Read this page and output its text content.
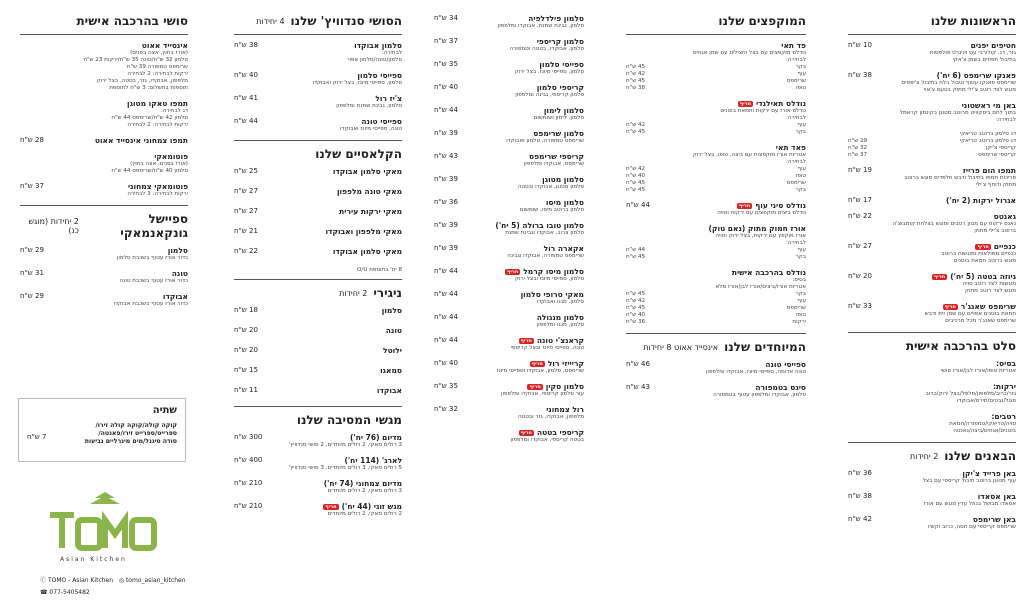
הראשונות שלנו
חטיפים יפנים
גזר, דג, קולורבי עם ויניגרט פולפסות
בתיבול תפוזים בשמן צ'אקי
10 ש"ח
פאנקו שרימפס (6 יח')
שרימפס פאנקו עטוף וטבול בלח בתיבול צ'יפסים
מוגש לצד רוטב צ'ילי מתוק בטעם צ'אוי
38 ש"ח
באן מי ראשטוני
בתוך לחם ביסקוויט מרוטב מטוגן בקינמון קראמל
לבחירה:
דג סלמון ברוטב טריאקי
דג סלמון ברוטב טריאקי
29 ש"ח
קריספי צ'יקן
32 ש"ח
קריספי שרימפס
37 ש"ח
תמפו הום פרייז
פריכות תמפו בתיבול ודבש חלפדים מוגש ברוטב
מתוק ודוחף צ'ילי
19 ש"ח
אגרול ירקות (2 יח')
17 ש"ח
גאנטס
נאנס ירקות עם מגוון רטבים ומוגש בצלחת קומבוצ'ה
ברוטב צ'ילי מתוק
22 ש"ח
כנפייםחריף
כנפיים ממולאות ומוגשות ברוטב
מוגש ברוטב חמאת בוטנים
27 ש"ח
גיוזה בטטה (5 יח')חריף
מוגשות לצד רוטב סויה
מוגש לצד רוטב מתוק
20 ש"ח
שרימפס שאנג'רחריף
חמאת בוטנים אפויים עם שמן זית ודבש
שרימפס שאנג'ר מכל מרכיבים
33 ש"ח
סלט בהרכבה אישית
בסיס:
אטריות טופו/אורז לבן/אורז סושי
ירקות:
גזר/כרוב/מלפפון/פלפל/בצל ירוק/כרוב סגול/נבטים/תירס/אבוקדו
רטבים:
סויה/טריאקי/טמפורה/חמאת בוטנים/אגוזים/ביצה/גאנטה
הבאנים שלנו
2 יחידות
באן פרייד צ'יקן
עוף מטוגן ברוטב תיבול קריספי עם בצל
36 ש"ח
באן אסאדו
אסאדו מבושל בנוזל עדין מוגש עם אורז
38 ש"ח
באן שרימפס
שרימפס קריספי עם חסה, כרוב וקשיו
42 ש"ח
המוקפצים שלנו
פד תאי
נודלס מוקפצים עם בצל וחצילים עם שמן אגוזים
לבחירה:
בקר
45 ש"ח
עוף
42 ש"ח
שרימפס
45 ש"ח
טופו
38 ש"ח
נודלס תאילנדיחריף
נודלס אורז עם ירקות וחמאת בוטנים
לבחירה:
עוף
42 ש"ח
בקר
45 ש"ח
פאד תאי
אטריות אורז מוקפצות עם ביצה, טופו, בצל ירוק
לבחירה:
עוף
42 ש"ח
טופו
40 ש"ח
שרימפס
45 ש"ח
בקר
45 ש"ח
נודלס סיני עוףחריף
נודלס ביצים מוקפצים עם ירקות וסויה
44 ש"ח
אורז חמוק מתוק (נאם טוק)
אורז מוקפץ עם ירקות, בצל ירוק וסויה
לבחירה:
עוף
44 ש"ח
בקר
45 ש"ח
נודלס בהרכבה אישית
בסיס:
אטריות אורז/ביצים/אורז לבן/אורז מלא
בקר
45 ש"ח
עוף
42 ש"ח
שרימפס
45 ש"ח
טופו
40 ש"ח
ירקות
36 ש"ח
המיוחדים שלנו
אינסייד אאוט 8 יחידות
ספייסי טונה
טונה אדומה, ספייסי מיונז, אבוקדו ומלפפון
46 ש"ח
סיגס בטמפורה
סלמון, אבוקדו ומלפפון עטוף בטמפורה
43 ש"ח
סלמון פילדלפיה
סלמון, גבינת שמנת, אבוקדו ומלפפון
34 ש"ח
סלמון קריספי
סלמון, אבוקדו, בטטה וטמפורה
37 ש"ח
ספייסי סלמון
סלמון, ספייסי מיונז, בצל ירוק
35 ש"ח
קריספי סלמון
סלמון קריספי, גבינה ומלפפון
40 ש"ח
סלמון לימון
סלמון, לימון ושומשום
44 ש"ח
סלמון שרימפס
שרימפס טמפורה, סלמון ואבוקדו
39 ש"ח
קריספי שרימפס
שרימפס, אבוקדו ומלפפון
43 ש"ח
סלמון מטוגן
סלמון מטוגן, אבוקדו ובטטה
39 ש"ח
סלמון מיסו
סלמון ברוטב מיסו, שומשום
36 ש"ח
סלמון טובו ברולה (5 יח')
סלמון צרוב, אבוקדו וגבינת שמנת
39 ש"ח
אקארה רול
שרימפס טמפורה, אבוקדו וגבינה
39 ש"ח
סלמון מיסו קרמלחריף
סלמון, ספייסי מיונז ובצל ירוק
44 ש"ח
מאקי טרופי סלמון
סלמון, מנגו ואבוקדו
44 ש"ח
סלמון מנגולה
סלמון, מנגו ומלפפון
44 ש"ח
קראנצ'י טונהחריף
טונה, ספייסי מיונז ובצל קריספי
44 ש"ח
קריייזי רולחריף
שרימפס, סלמון, אבוקדו וספייסי מיונז
40 ש"ח
סלמון סקיןחריף
עור סלמון קריספי, אבוקדו ומלפפון
35 ש"ח
רול צמחוני
מלפפון, אבוקדו, גזר ובטטה
32 ש"ח
קריספי בטטהחריף
בטטה קריספי, אבוקדו ומלפפון
הסושי סנדוויץ' שלנו
4 יחידות
סלמון אבוקדו
לבחירה:
סלמון/טונה/סלמון אפוי
38 ש"ח
ספייסי סלמון
סלמון, ספייסי מיונז, בצל ירוק ואבוקדו
40 ש"ח
צ'יז רול
סלמון, גבינת שמנת ומלפפון
41 ש"ח
ספייסי טונה
טונה, ספייסי מיונז ואבוקדו
44 ש"ח
הקלאסיים שלנו
מאקי סלמון אבוקדו
25 ש"ח
מאקי טונה מלפפון
27 ש"ח
מאקי ירקות עירית
27 ש"ח
מאקי מלפפון ואבוקדו
21 ש"ח
מאקי סלמון אבוקדו
22 ש"ח
8 יח' בתוספת O/U
ניגירי
2 יחידות
סלמון
18 ש"ח
טונה
20 ש"ח
ילוטל
20 ש"ח
סמאגו
15 ש"ח
אבוקדו
11 ש"ח
מגשי המסיבה שלנו
מדיום (76 יח')
3 רולים מאקי, 2 רולים מיוחדים, 2 סושי סנדוויץ'
300 ש"ח
לארג' (114 יח')
5 רולים מאקי, 3 רולים מיוחדים, 3 סושי סנדוויץ'
400 ש"ח
מדיום צמחוני (74 יח')
3 רולים מאקי, 2 רולים מיוחדים
210 ש"ח
מגש זוגי (44 יח')חריף
2 רולים מאקי, 2 רולים מיוחדים
210 ש"ח
סושי בהרכבה אישית
אינסייד אאוט
(אורז בחוץ, אצה בפנים)
סלמון 32 ש"ח/טונה 35 ש"ח/ירקות 23 ש"ח
שרימפס טמפורה 39 ש"ח
ירקות לבחירה: 2 לבחירה
מלפפון, אבוקדו, גזר, בטטה, בצל ירוק
תוספות בתשלום: 3 ש"ח לתוספת
תמפו טאקו מטוגן
דג לבחירה:
סלמון 42 ש"ח/שרימפס 44 ש"ח
ירקות לבחירה: 2 לבחירה
תמפו צמחוני אינסייד אאוט
28 ש"ח
פוטומאקי
(אורז בפנים, אצה בחוץ)
סלמון 40 ש"ח/שרימפס 44 ש"ח
פוטומאקי צמחוני
ירקות לבחירה: 3 לבחירה
37 ש"ח
ספיישל גונקאנמאקי
2 יחידות (מוגש כנ)
סלמון
כדור אורז עטוף בשכבת סלמון
29 ש"ח
טונה
כדור אורז עטוף בשכבת טונה
31 ש"ח
אבוקדו
כדור אורז עטוף בשכבת אבוקדו
29 ש"ח
שתיה
קוקה קולה/קוקה קולה זירו/
ספרייט/ספרייט זירו/פאנטה/
סודה סיגנל/מים מינרליים נביעות
7 ש"ח
Asian Kitchen
ⓕ TOMO - Asian Kitchen ◎ tomo_asian_kitchen
☎ 077-5405482
